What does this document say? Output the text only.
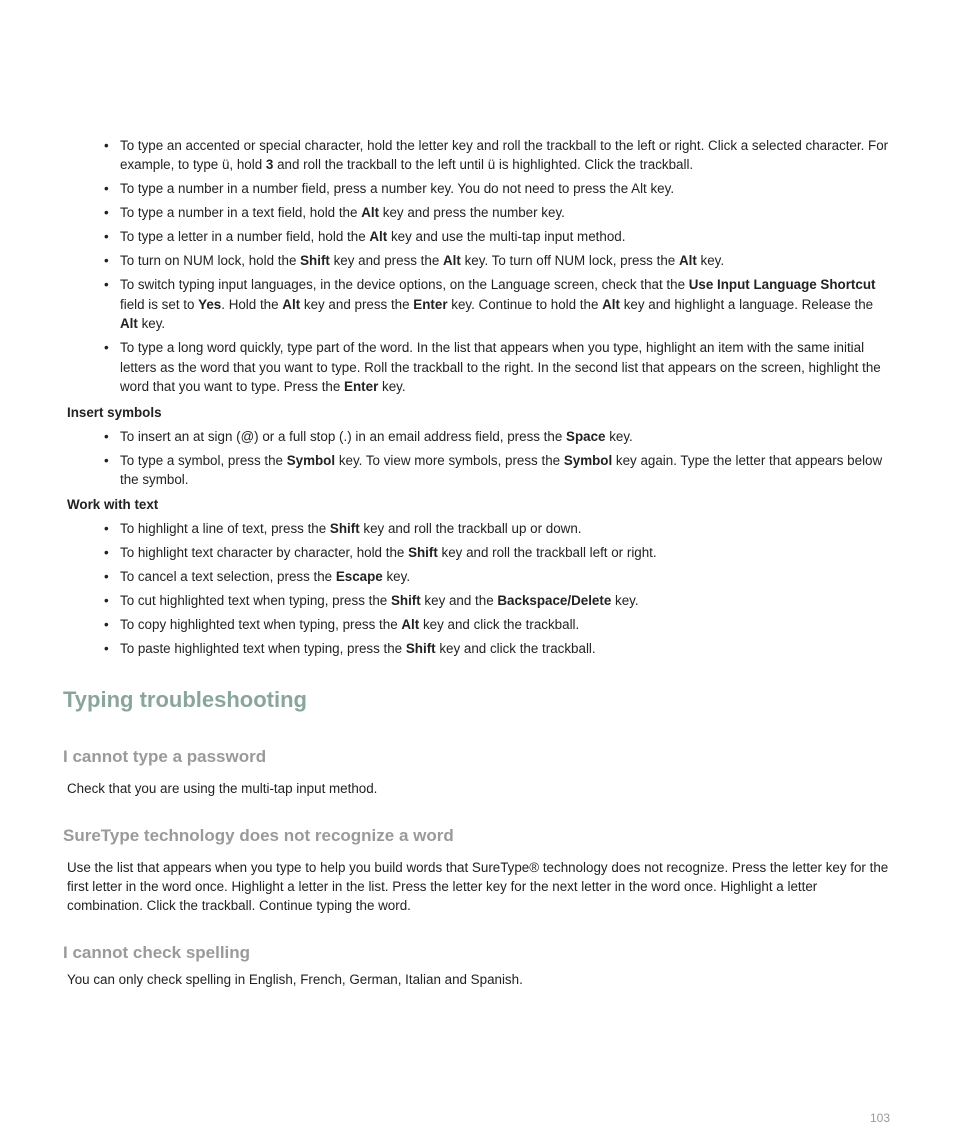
• To type an accented or special character, hold the letter key and roll the trackball to the left or right. Click a selected character. For example, to type ü, hold 3 and roll the trackball to the left until ü is highlighted. Click the trackball.
• To type a number in a number field, press a number key. You do not need to press the Alt key.
• To type a number in a text field, hold the Alt key and press the number key.
• To type a letter in a number field, hold the Alt key and use the multi-tap input method.
• To turn on NUM lock, hold the Shift key and press the Alt key. To turn off NUM lock, press the Alt key.
• To switch typing input languages, in the device options, on the Language screen, check that the Use Input Language Shortcut field is set to Yes. Hold the Alt key and press the Enter key. Continue to hold the Alt key and highlight a language. Release the Alt key.
• To type a long word quickly, type part of the word. In the list that appears when you type, highlight an item with the same initial letters as the word that you want to type. Roll the trackball to the right. In the second list that appears on the screen, highlight the word that you want to type. Press the Enter key.

Insert symbols

• To insert an at sign (@) or a full stop (.) in an email address field, press the Space key.
• To type a symbol, press the Symbol key. To view more symbols, press the Symbol key again. Type the letter that appears below the symbol.

Work with text

• To highlight a line of text, press the Shift key and roll the trackball up or down.
• To highlight text character by character, hold the Shift key and roll the trackball left or right.
• To cancel a text selection, press the Escape key.
• To cut highlighted text when typing, press the Shift key and the Backspace/Delete key.
• To copy highlighted text when typing, press the Alt key and click the trackball.
• To paste highlighted text when typing, press the Shift key and click the trackball.
Typing troubleshooting
I cannot type a password

Check that you are using the multi-tap input method.

SureType technology does not recognize a word

Use the list that appears when you type to help you build words that SureType® technology does not recognize. Press the letter key for the first letter in the word once. Highlight a letter in the list. Press the letter key for the next letter in the word once. Highlight a letter combination. Click the trackball. Continue typing the word.

I cannot check spelling

You can only check spelling in English, French, German, Italian and Spanish.

103
